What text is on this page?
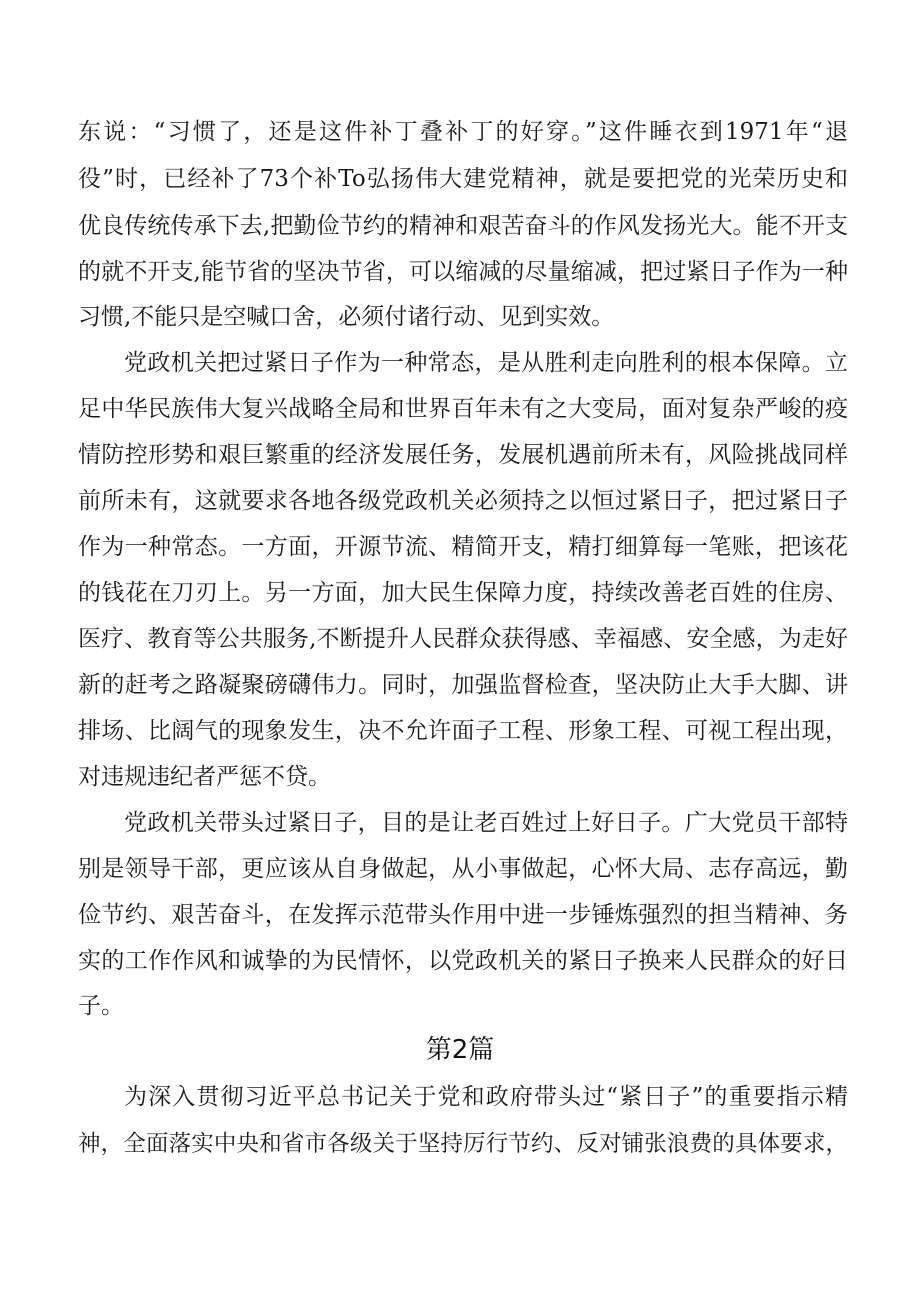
东说：“习惯了，还是这件补丁叠补丁的好穿。”这件睡衣到1971年“退
役”时，已经补了73个补To弘扬伟大建党精神，就是要把党的光荣历史和
优良传统传承下去,把勤俭节约的精神和艰苦奋斗的作风发扬光大。能不开支
的就不开支,能节省的坚决节省，可以缩减的尽量缩减，把过紧日子作为一种
习惯,不能只是空喊口舍，必须付诸行动、见到实效。
党政机关把过紧日子作为一种常态，是从胜利走向胜利的根本保障。立
足中华民族伟大复兴战略全局和世界百年未有之大变局，面对复杂严峻的疫
情防控形势和艰巨繁重的经济发展任务，发展机遇前所未有，风险挑战同样
前所未有，这就要求各地各级党政机关必须持之以恒过紧日子，把过紧日子
作为一种常态。一方面，开源节流、精简开支，精打细算每一笔账，把该花
的钱花在刀刃上。另一方面，加大民生保障力度，持续改善老百姓的住房、
医疗、教育等公共服务,不断提升人民群众获得感、幸福感、安全感，为走好
新的赶考之路凝聚磅礴伟力。同时，加强监督检查，坚决防止大手大脚、讲
排场、比阔气的现象发生，决不允许面子工程、形象工程、可视工程出现，
对违规违纪者严惩不贷。
党政机关带头过紧日子，目的是让老百姓过上好日子。广大党员干部特
别是领导干部，更应该从自身做起，从小事做起，心怀大局、志存高远，勤
俭节约、艰苦奋斗，在发挥示范带头作用中进一步锤炼强烈的担当精神、务
实的工作作风和诚挚的为民情怀，以党政机关的紧日子换来人民群众的好日
子。
第2篇
为深入贯彻习近平总书记关于党和政府带头过“紧日子”的重要指示精
神，全面落实中央和省市各级关于坚持厉行节约、反对铺张浪费的具体要求，
